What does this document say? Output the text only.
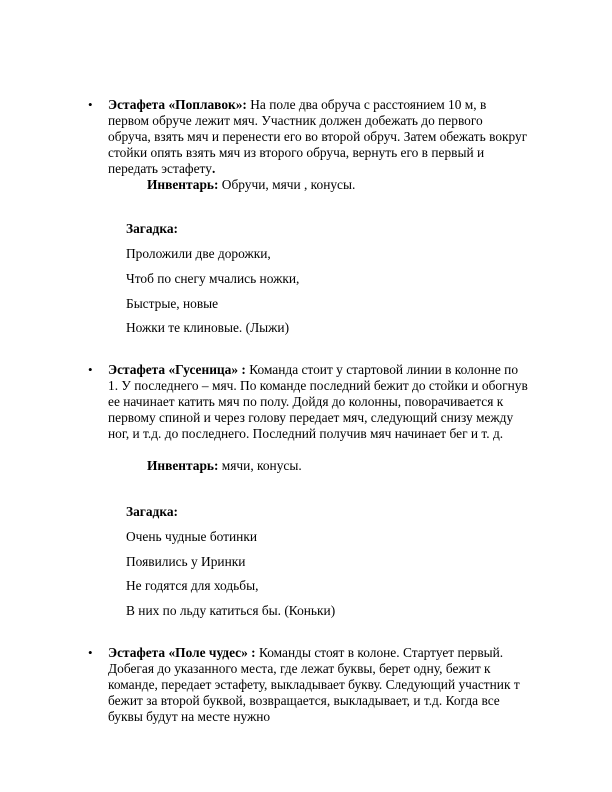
• Эстафета «Поплавок»: На поле два обруча с расстоянием 10 м, в первом обруче лежит мяч. Участник должен добежать до первого обруча, взять мяч и перенести его во второй обруч. Затем обежать вокруг стойки опять взять мяч из второго обруча, вернуть его в первый и передать эстафету.

Инвентарь: Обручи, мячи , конусы.

Загадка:

Проложили две дорожки,

Чтоб по снегу мчались ножки,

Быстрые, новые

Ножки те клиновые. (Лыжи)

• Эстафета «Гусеница» : Команда стоит у стартовой линии в колонне по 1. У последнего – мяч. По команде последний бежит до стойки и обогнув ее начинает катить мяч по полу. Дойдя до колонны, поворачивается к первому спиной и через голову передает мяч, следующий снизу между ног, и т.д. до последнего. Последний получив мяч начинает бег и т. д.

Инвентарь: мячи, конусы.

Загадка:

Очень чудные ботинки

Появились у Иринки

Не годятся для ходьбы,

В них по льду катиться бы. (Коньки)

• Эстафета «Поле чудес» : Команды стоят в колоне. Стартует первый. Добегая до указанного места, где лежат буквы, берет одну, бежит к команде, передает эстафету, выкладывает букву. Следующий участник т бежит за второй буквой, возвращается, выкладывает, и т.д. Когда все буквы будут на месте нужно
